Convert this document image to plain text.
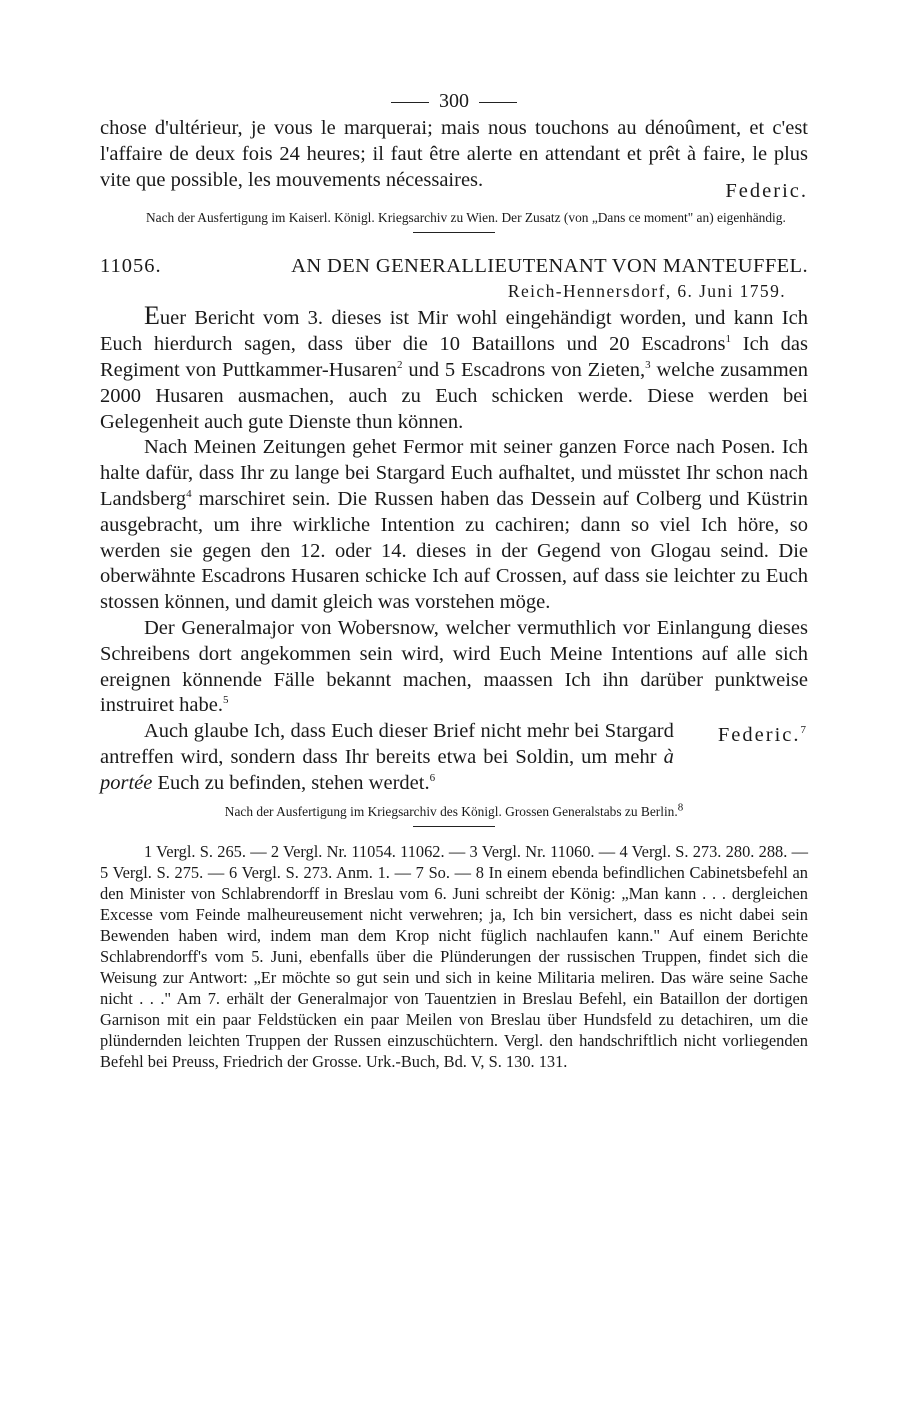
300

chose d'ultérieur, je vous le marquerai; mais nous touchons au dénoûment, et c'est l'affaire de deux fois 24 heures; il faut être alerte en attendant et prêt à faire, le plus vite que possible, les mouvements nécessaires.

Federic.

Nach der Ausfertigung im Kaiserl. Königl. Kriegsarchiv zu Wien. Der Zusatz (von „Dans ce moment" an) eigenhändig.

11056.	AN DEN GENERALLIEUTENANT VON MANTEUFFEL.
Reich-Hennersdorf, 6. Juni 1759.

Euer Bericht vom 3. dieses ist Mir wohl eingehändigt worden, und kann Ich Euch hierdurch sagen, dass über die 10 Bataillons und 20 Escadrons$^1$ Ich das Regiment von Puttkammer-Husaren$^2$ und 5 Escadrons von Zieten,$^3$ welche zusammen 2000 Husaren ausmachen, auch zu Euch schicken werde. Diese werden bei Gelegenheit auch gute Dienste thun können.

Nach Meinen Zeitungen gehet Fermor mit seiner ganzen Force nach Posen. Ich halte dafür, dass Ihr zu lange bei Stargard Euch aufhaltet, und müsstet Ihr schon nach Landsberg$^4$ marschiret sein. Die Russen haben das Dessein auf Colberg und Küstrin ausgebracht, um ihre wirkliche Intention zu cachiren; dann so viel Ich höre, so werden sie gegen den 12. oder 14. dieses in der Gegend von Glogau seind. Die oberwähnte Escadrons Husaren schicke Ich auf Crossen, auf dass sie leichter zu Euch stossen können, und damit gleich was vorstehen möge.

Der Generalmajor von Wobersnow, welcher vermuthlich vor Einlangung dieses Schreibens dort angekommen sein wird, wird Euch Meine Intentions auf alle sich ereignen könnende Fälle bekannt machen, maassen Ich ihn darüber punktweise instruiret habe.$^5$

Federic.$^7$
Auch glaube Ich, dass Euch dieser Brief nicht mehr bei Stargard antreffen wird, sondern dass Ihr bereits etwa bei Soldin, um mehr à portée Euch zu befinden, stehen werdet.$^6$

Nach der Ausfertigung im Kriegsarchiv des Königl. Grossen Generalstabs zu Berlin.$^8$

1 Vergl. S. 265. — 2 Vergl. Nr. 11054. 11062. — 3 Vergl. Nr. 11060. — 4 Vergl. S. 273. 280. 288. — 5 Vergl. S. 275. — 6 Vergl. S. 273. Anm. 1. — 7 So. — 8 In einem ebenda befindlichen Cabinetsbefehl an den Minister von Schlabrendorff in Breslau vom 6. Juni schreibt der König: „Man kann . . . dergleichen Excesse vom Feinde malheureusement nicht verwehren; ja, Ich bin versichert, dass es nicht dabei sein Bewenden haben wird, indem man dem Krop nicht füglich nachlaufen kann." Auf einem Berichte Schlabrendorff's vom 5. Juni, ebenfalls über die Plünderungen der russischen Truppen, findet sich die Weisung zur Antwort: „Er möchte so gut sein und sich in keine Militaria meliren. Das wäre seine Sache nicht . . ." Am 7. erhält der Generalmajor von Tauentzien in Breslau Befehl, ein Bataillon der dortigen Garnison mit ein paar Feldstücken ein paar Meilen von Breslau über Hundsfeld zu detachiren, um die plündernden leichten Truppen der Russen einzuschüchtern. Vergl. den handschriftlich nicht vorliegenden Befehl bei Preuss, Friedrich der Grosse. Urk.-Buch, Bd. V, S. 130. 131.
